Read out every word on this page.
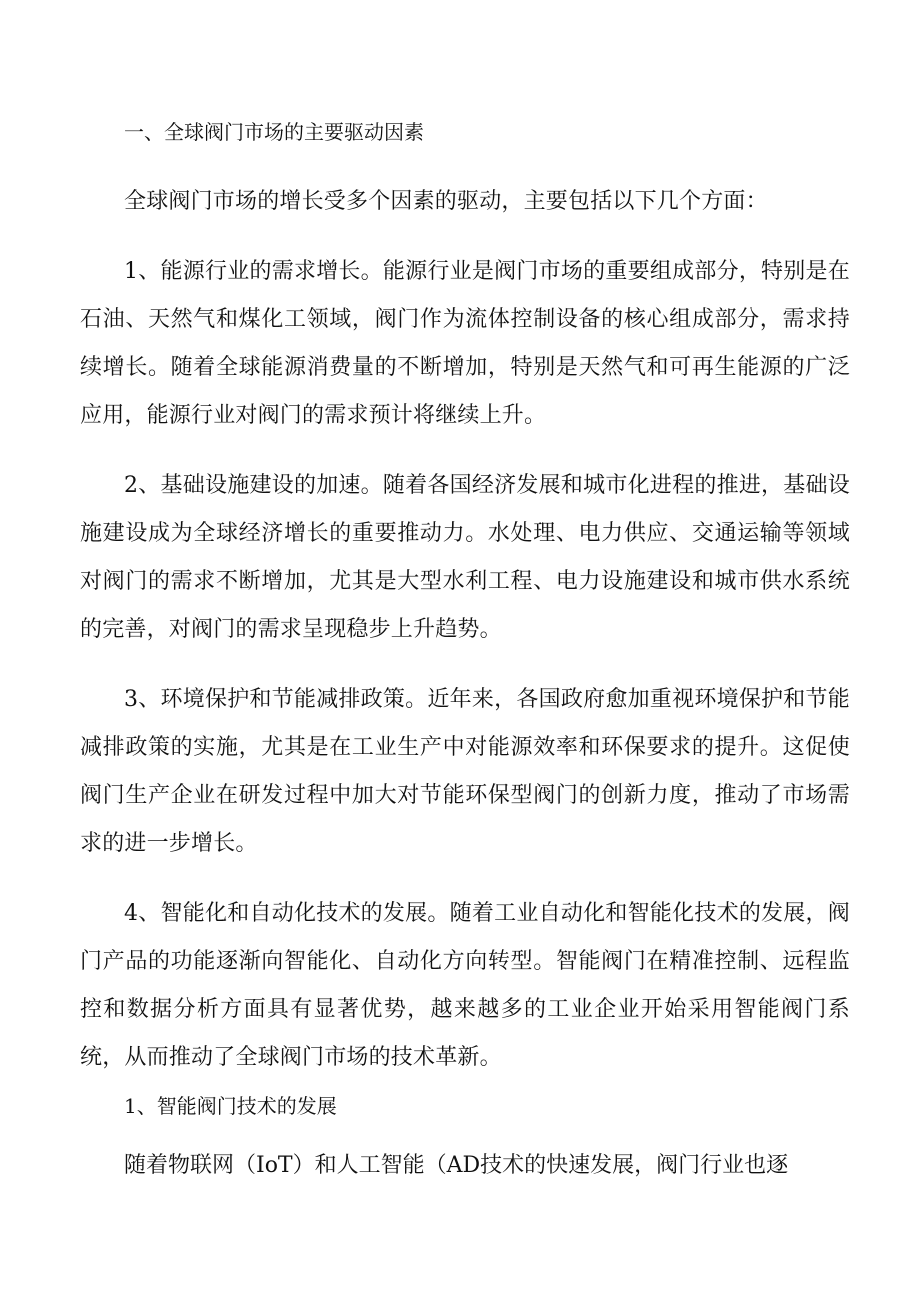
一、全球阀门市场的主要驱动因素

全球阀门市场的增长受多个因素的驱动，主要包括以下几个方面：

1、能源行业的需求增长。能源行业是阀门市场的重要组成部分，特别是在石油、天然气和煤化工领域，阀门作为流体控制设备的核心组成部分，需求持续增长。随着全球能源消费量的不断增加，特别是天然气和可再生能源的广泛应用，能源行业对阀门的需求预计将继续上升。

2、基础设施建设的加速。随着各国经济发展和城市化进程的推进，基础设施建设成为全球经济增长的重要推动力。水处理、电力供应、交通运输等领域对阀门的需求不断增加，尤其是大型水利工程、电力设施建设和城市供水系统的完善，对阀门的需求呈现稳步上升趋势。

3、环境保护和节能减排政策。近年来，各国政府愈加重视环境保护和节能减排政策的实施，尤其是在工业生产中对能源效率和环保要求的提升。这促使阀门生产企业在研发过程中加大对节能环保型阀门的创新力度，推动了市场需求的进一步增长。

4、智能化和自动化技术的发展。随着工业自动化和智能化技术的发展，阀门产品的功能逐渐向智能化、自动化方向转型。智能阀门在精准控制、远程监控和数据分析方面具有显著优势，越来越多的工业企业开始采用智能阀门系统，从而推动了全球阀门市场的技术革新。

1、智能阀门技术的发展

随着物联网（IoT）和人工智能（AD技术的快速发展，阀门行业也逐
